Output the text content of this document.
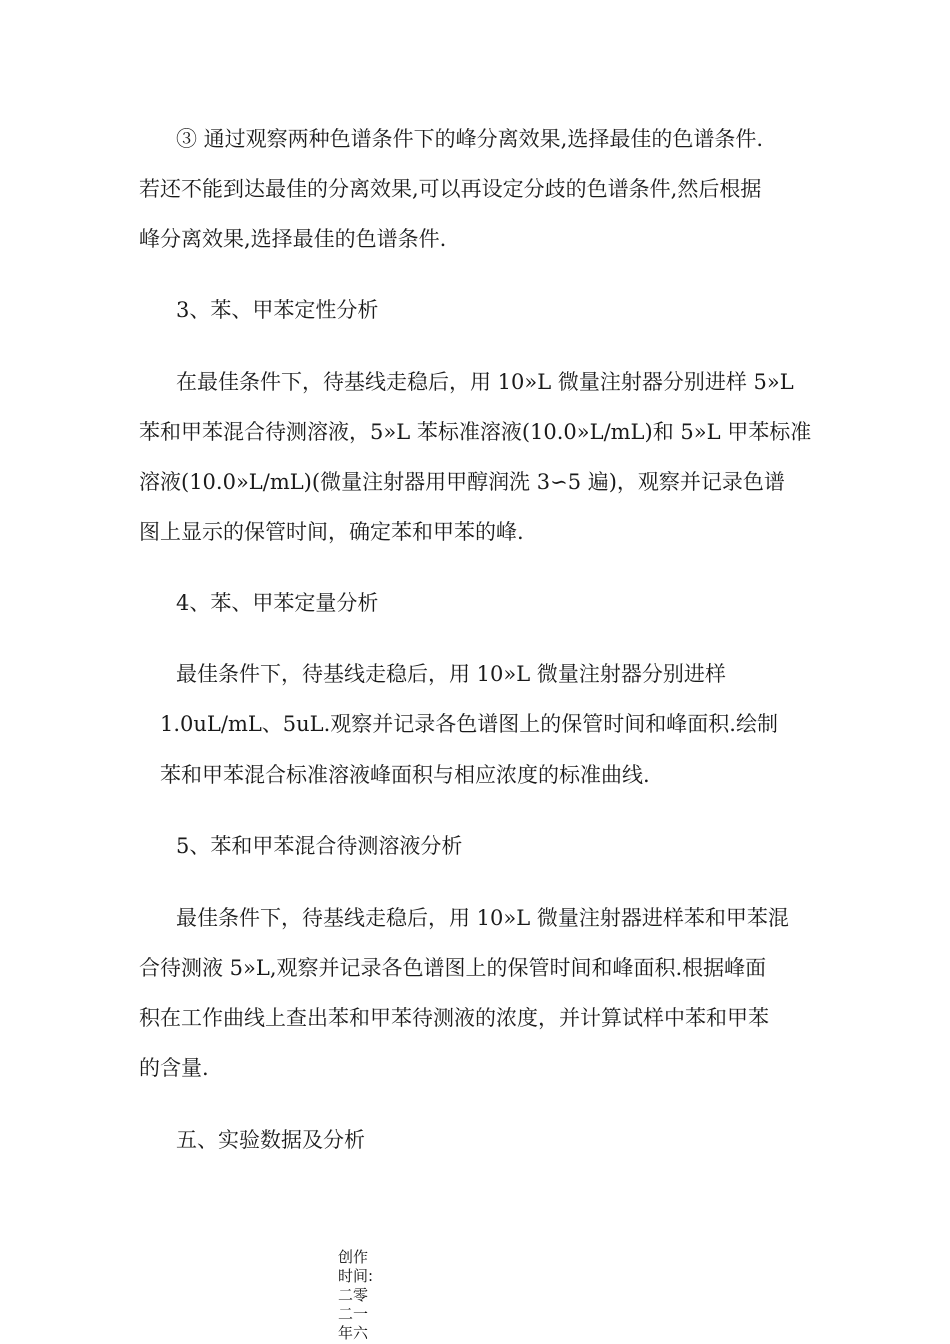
③ 通过观察两种色谱条件下的峰分离效果,选择最佳的色谱条件.
若还不能到达最佳的分离效果,可以再设定分歧的色谱条件,然后根据
峰分离效果,选择最佳的色谱条件.
3、苯、甲苯定性分析
在最佳条件下，待基线走稳后，用 10»L 微量注射器分别进样 5»L
苯和甲苯混合待测溶液，5»L 苯标准溶液(10.0»L/mL)和 5»L 甲苯标准
溶液(10.0»L/mL)(微量注射器用甲醇润洗 3∽5 遍)，观察并记录色谱
图上显示的保管时间，确定苯和甲苯的峰.
4、苯、甲苯定量分析
最佳条件下，待基线走稳后，用 10»L 微量注射器分别进样
1.0uL/mL、5uL.观察并记录各色谱图上的保管时间和峰面积.绘制
苯和甲苯混合标准溶液峰面积与相应浓度的标准曲线.
5、苯和甲苯混合待测溶液分析
最佳条件下，待基线走稳后，用 10»L 微量注射器进样苯和甲苯混
合待测液 5»L,观察并记录各色谱图上的保管时间和峰面积.根据峰面
积在工作曲线上查出苯和甲苯待测液的浓度，并计算试样中苯和甲苯
的含量.
五、实验数据及分析
创作
时间:
二零
二一
年六
